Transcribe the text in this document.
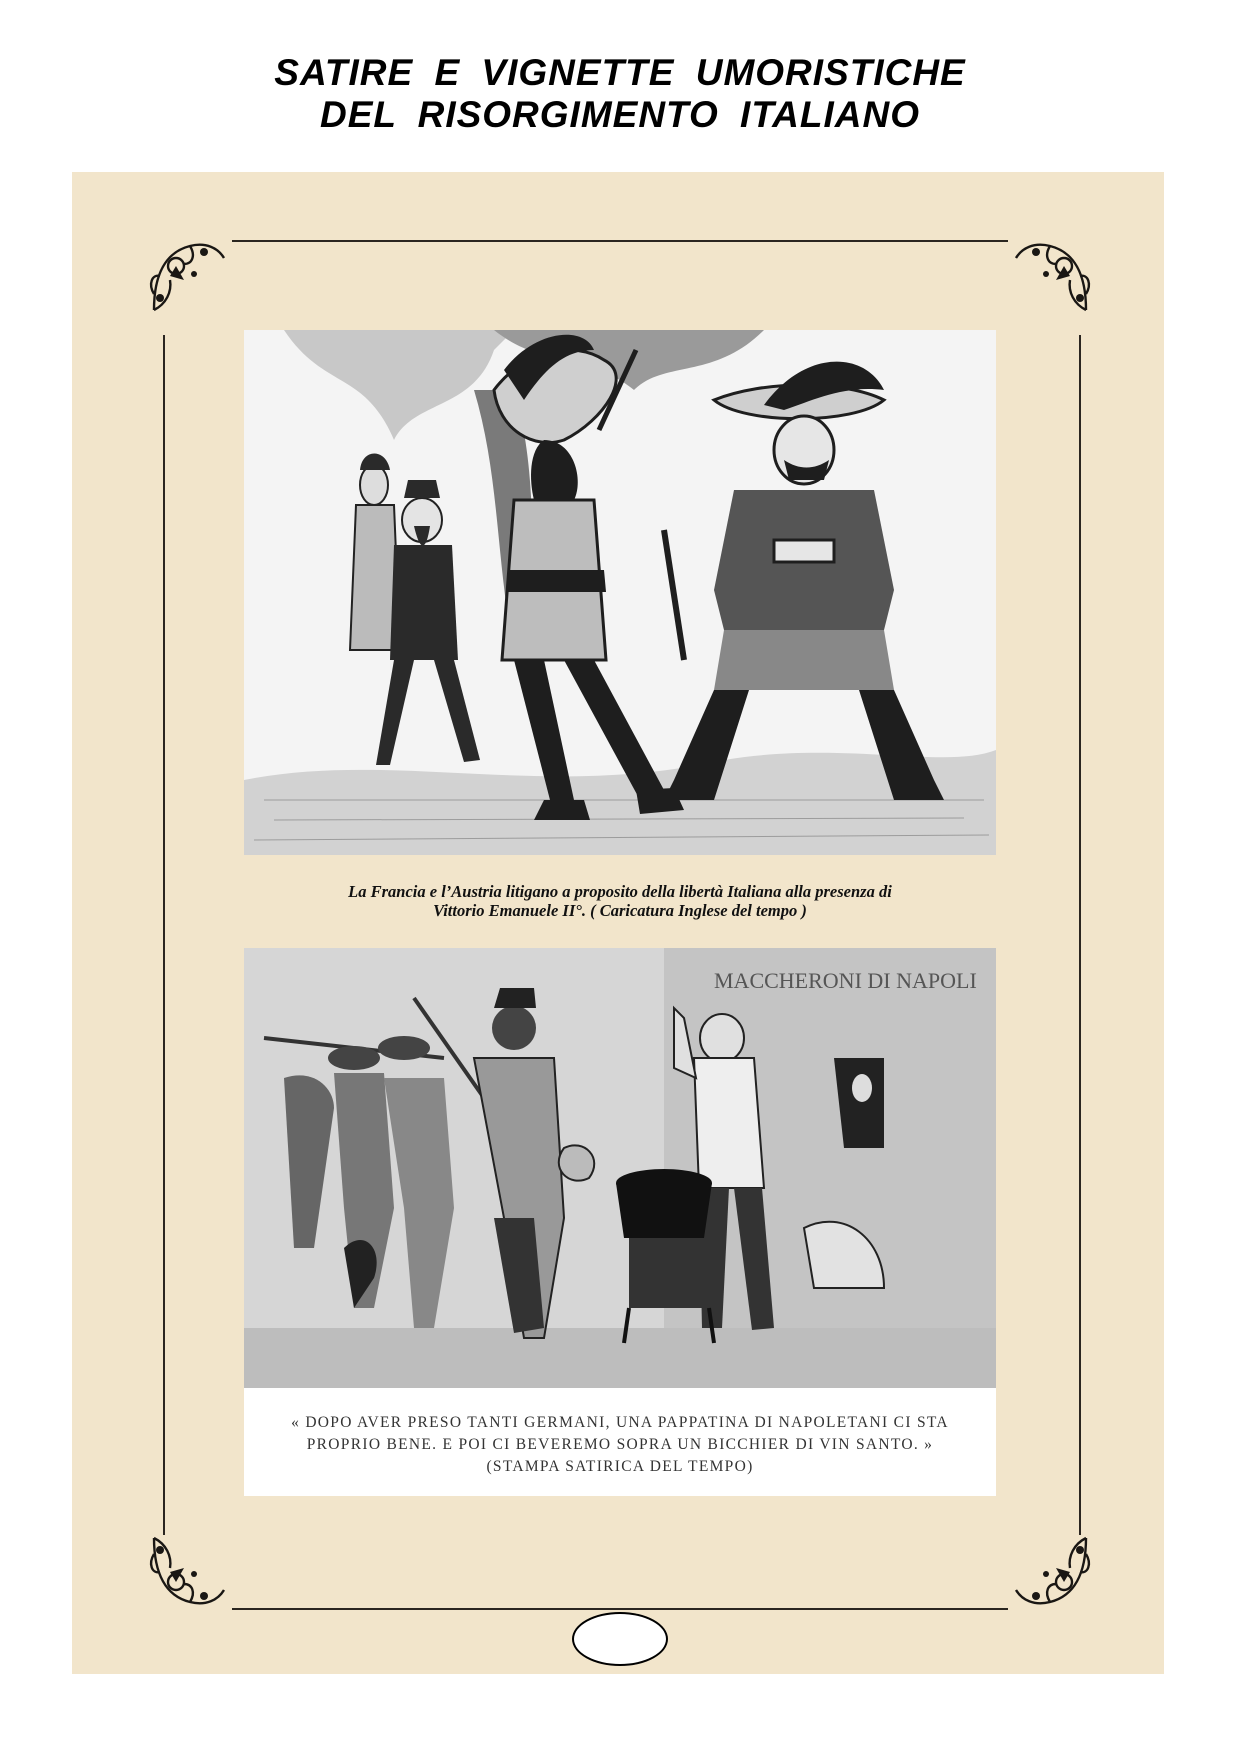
SATIRE E VIGNETTE UMORISTICHE
DEL RISORGIMENTO ITALIANO
La Francia e l’Austria litigano a proposito della libertà Italiana alla presenza di
Vittorio Emanuele II°. ( Caricatura Inglese del tempo )
MACCHERONI DI NAPOLI
« DOPO AVER PRESO TANTI GERMANI, UNA PAPPATINA DI NAPOLETANI CI STA
PROPRIO BENE. E POI CI BEVEREMO SOPRA UN BICCHIER DI VIN SANTO. »
(STAMPA SATIRICA DEL TEMPO)
